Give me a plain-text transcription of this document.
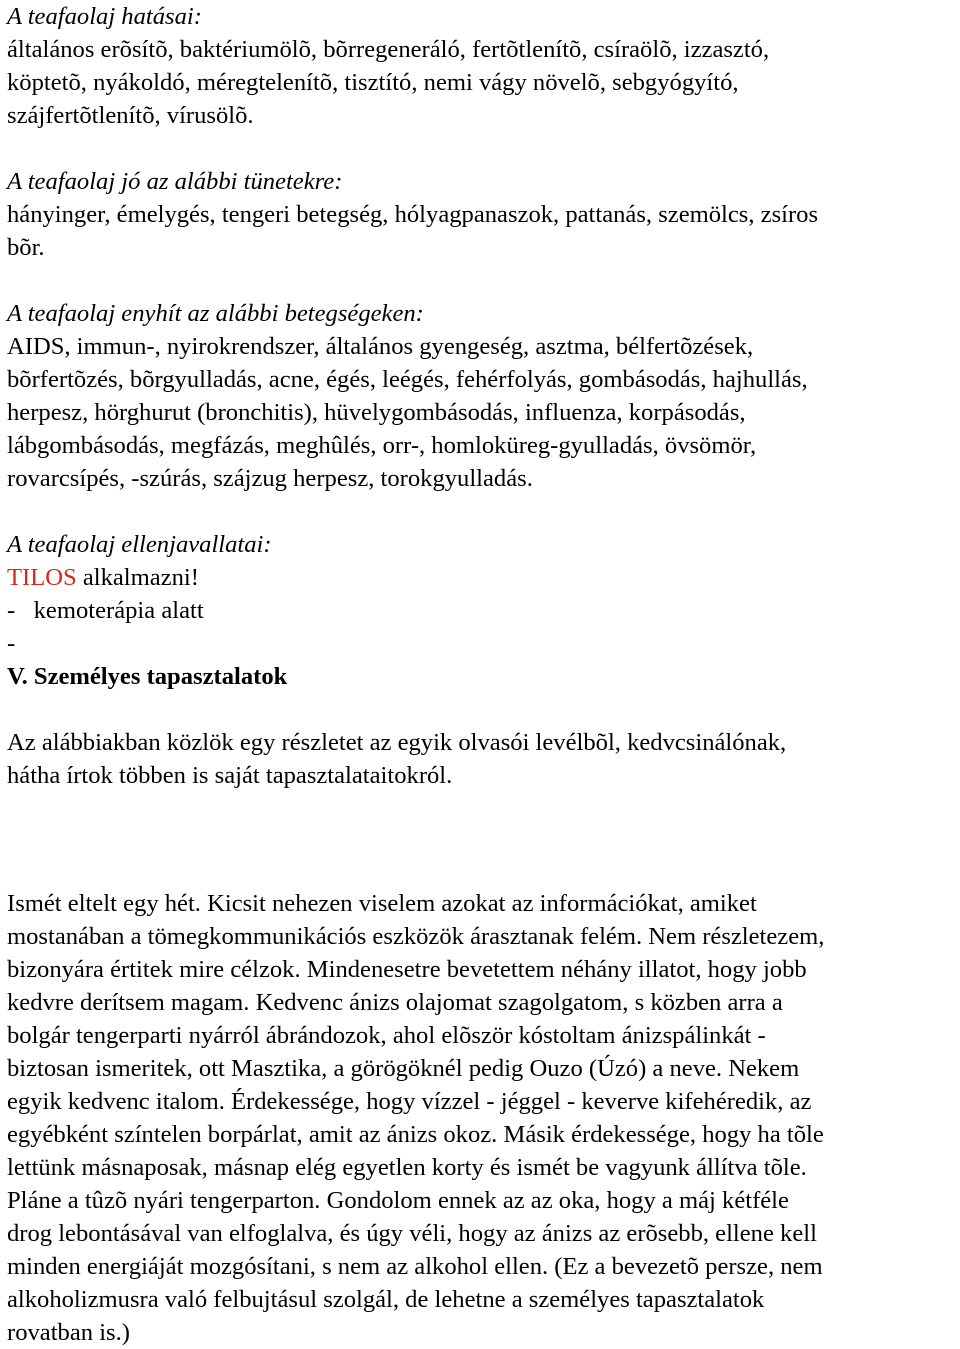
A teafaolaj hatásai:
általános erõsítõ, baktériumölõ, bõrregeneráló, fertõtlenítõ, csíraölõ, izzasztó,
köptetõ, nyákoldó, méregtelenítõ, tisztító, nemi vágy növelõ, sebgyógyító,
szájfertõtlenítõ, vírusölõ.
A teafaolaj jó az alábbi tünetekre:
hányinger, émelygés, tengeri betegség, hólyagpanaszok, pattanás, szemölcs, zsíros
bõr.
A teafaolaj enyhít az alábbi betegségeken:
AIDS, immun-, nyirokrendszer, általános gyengeség, asztma, bélfertõzések,
bõrfertõzés, bõrgyulladás, acne, égés, leégés, fehérfolyás, gombásodás, hajhullás,
herpesz, hörghurut (bronchitis), hüvelygombásodás, influenza, korpásodás,
lábgombásodás, megfázás, meghûlés, orr-, homloküreg-gyulladás, övsömör,
rovarcsípés, -szúrás, szájzug herpesz, torokgyulladás.
A teafaolaj ellenjavallatai:
TILOS alkalmazni!
-   kemoterápia alatt
-
V. Személyes tapasztalatok
Az alábbiakban közlök egy részletet az egyik olvasói levélbõl, kedvcsinálónak,
hátha írtok többen is saját tapasztalataitokról.
Ismét eltelt egy hét. Kicsit nehezen viselem azokat az információkat, amiket
mostanában a tömegkommunikációs eszközök árasztanak felém. Nem részletezem,
bizonyára értitek mire célzok. Mindenesetre bevetettem néhány illatot, hogy jobb
kedvre derítsem magam. Kedvenc ánizs olajomat szagolgatom, s közben arra a
bolgár tengerparti nyárról ábrándozok, ahol elõször kóstoltam ánizspálinkát -
biztosan ismeritek, ott Masztika, a görögöknél pedig Ouzo (Úzó) a neve. Nekem
egyik kedvenc italom. Érdekessége, hogy vízzel - jéggel - keverve kifehéredik, az
egyébként színtelen borpárlat, amit az ánizs okoz. Másik érdekessége, hogy ha tõle
lettünk másnaposak, másnap elég egyetlen korty és ismét be vagyunk állítva tõle.
Pláne a tûzõ nyári tengerparton. Gondolom ennek az az oka, hogy a máj kétféle
drog lebontásával van elfoglalva, és úgy véli, hogy az ánizs az erõsebb, ellene kell
minden energiáját mozgósítani, s nem az alkohol ellen. (Ez a bevezetõ persze, nem
alkoholizmusra való felbujtásul szolgál, de lehetne a személyes tapasztalatok
rovatban is.)
